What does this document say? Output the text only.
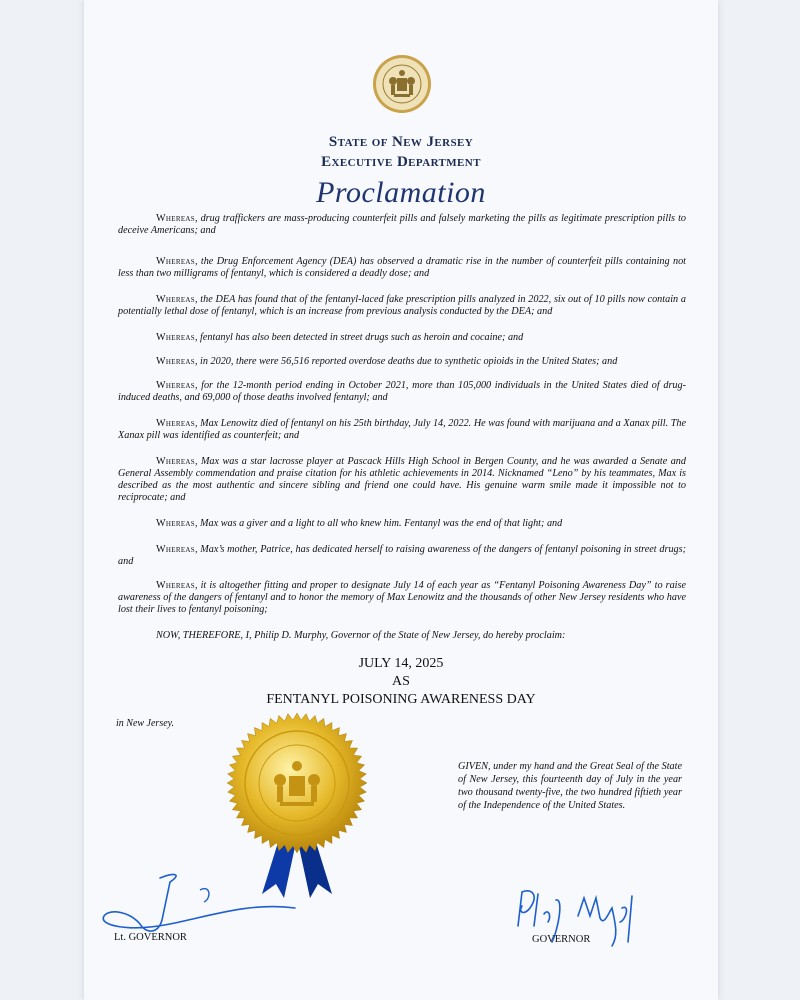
State of New Jersey
Executive Department
Proclamation

Whereas, drug traffickers are mass-producing counterfeit pills and falsely marketing the pills as legitimate prescription pills to deceive Americans; and

Whereas, the Drug Enforcement Agency (DEA) has observed a dramatic rise in the number of counterfeit pills containing not less than two milligrams of fentanyl, which is considered a deadly dose; and

Whereas, the DEA has found that of the fentanyl-laced fake prescription pills analyzed in 2022, six out of 10 pills now contain a potentially lethal dose of fentanyl, which is an increase from previous analysis conducted by the DEA; and

Whereas, fentanyl has also been detected in street drugs such as heroin and cocaine; and

Whereas, in 2020, there were 56,516 reported overdose deaths due to synthetic opioids in the United States; and

Whereas, for the 12-month period ending in October 2021, more than 105,000 individuals in the United States died of drug-induced deaths, and 69,000 of those deaths involved fentanyl; and

Whereas, Max Lenowitz died of fentanyl on his 25th birthday, July 14, 2022. He was found with marijuana and a Xanax pill. The Xanax pill was identified as counterfeit; and

Whereas, Max was a star lacrosse player at Pascack Hills High School in Bergen County, and he was awarded a Senate and General Assembly commendation and praise citation for his athletic achievements in 2014. Nicknamed “Leno” by his teammates, Max is described as the most authentic and sincere sibling and friend one could have. His genuine warm smile made it impossible not to reciprocate; and

Whereas, Max was a giver and a light to all who knew him. Fentanyl was the end of that light; and

Whereas, Max’s mother, Patrice, has dedicated herself to raising awareness of the dangers of fentanyl poisoning in street drugs; and

Whereas, it is altogether fitting and proper to designate July 14 of each year as “Fentanyl Poisoning Awareness Day” to raise awareness of the dangers of fentanyl and to honor the memory of Max Lenowitz and the thousands of other New Jersey residents who have lost their lives to fentanyl poisoning;

NOW, THEREFORE, I, Philip D. Murphy, Governor of the State of New Jersey, do hereby proclaim:

JULY 14, 2025
AS
FENTANYL POISONING AWARENESS DAY
in New Jersey.
GIVEN, under my hand and the Great Seal of the State of New Jersey, this fourteenth day of July in the year two thousand twenty-five, the two hundred fiftieth year of the Independence of the United States.
Lt. GOVERNOR	GOVERNOR
